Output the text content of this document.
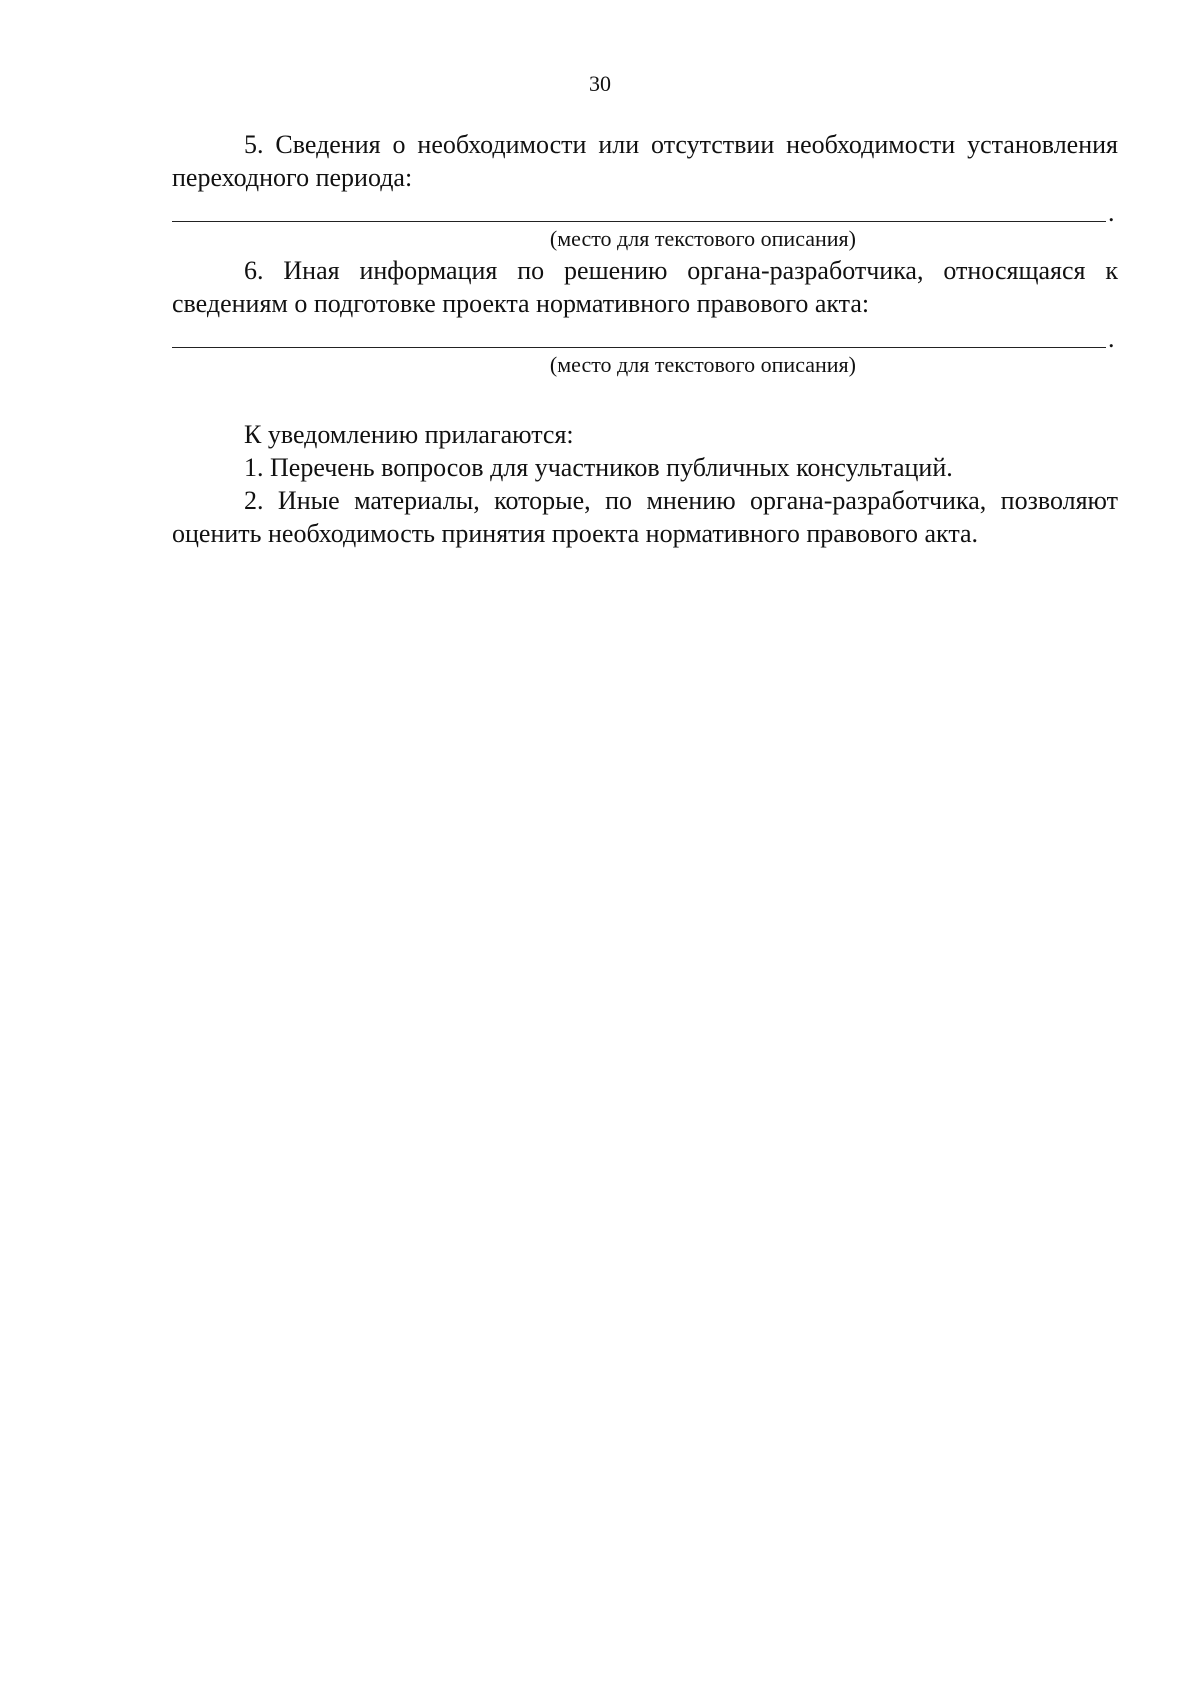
30

5. Сведения о необходимости или отсутствии необходимости установления переходного периода:

.
(место для текстового описания)

6. Иная информация по решению органа-разработчика, относящаяся к сведениям о подготовке проекта нормативного правового акта:

.
(место для текстового описания)

К уведомлению прилагаются:

1. Перечень вопросов для участников публичных консультаций.

2. Иные материалы, которые, по мнению органа-разработчика, позволяют оценить необходимость принятия проекта нормативного правового акта.
